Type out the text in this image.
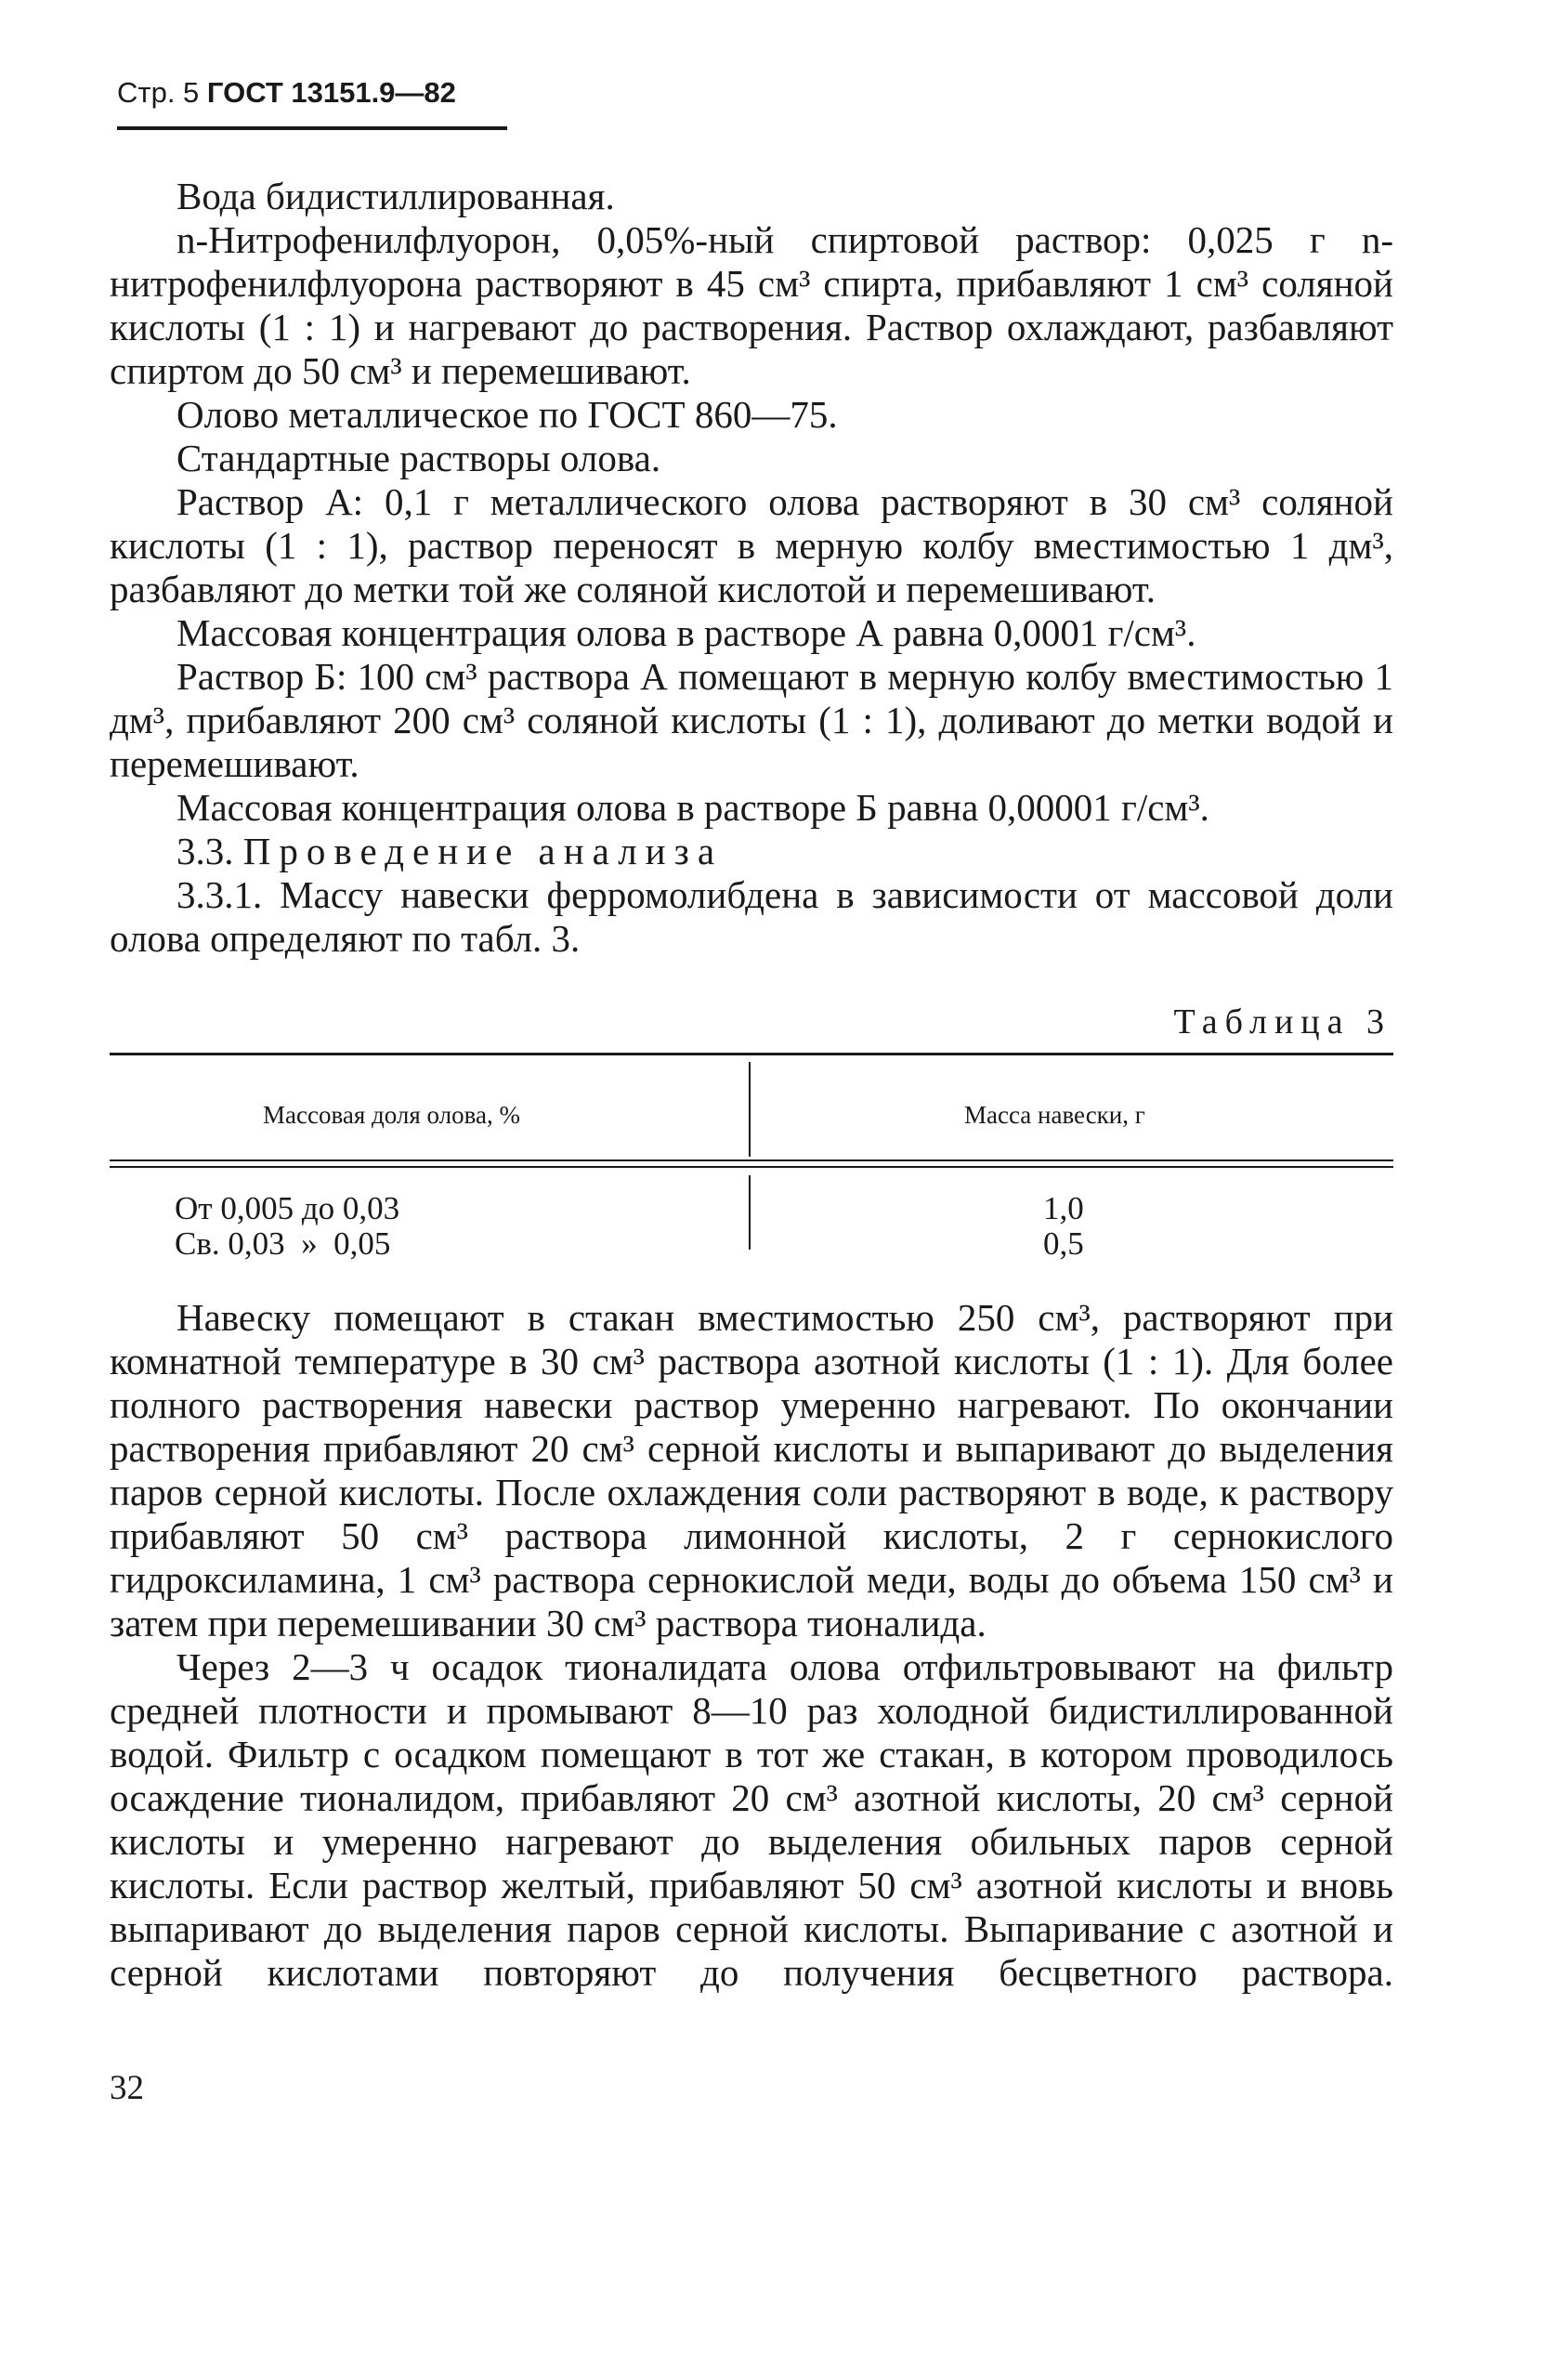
Стр. 5 ГОСТ 13151.9—82

Вода бидистиллированная.

n-Нитрофенилфлуорон, 0,05%-ный спиртовой раствор: 0,025 г n-нитрофенилфлуорона растворяют в 45 см³ спирта, прибавляют 1 см³ соляной кислоты (1 : 1) и нагревают до растворения. Раствор охлаждают, разбавляют спиртом до 50 см³ и перемешивают.

Олово металлическое по ГОСТ 860—75.

Стандартные растворы олова.

Раствор А: 0,1 г металлического олова растворяют в 30 см³ соляной кислоты (1 : 1), раствор переносят в мерную колбу вместимостью 1 дм³, разбавляют до метки той же соляной кислотой и перемешивают.

Массовая концентрация олова в растворе А равна 0,0001 г/см³.

Раствор Б: 100 см³ раствора А помещают в мерную колбу вместимостью 1 дм³, прибавляют 200 см³ соляной кислоты (1 : 1), доливают до метки водой и перемешивают.

Массовая концентрация олова в растворе Б равна 0,00001 г/см³.

3.3. Проведение анализа

3.3.1. Массу навески ферромолибдена в зависимости от массовой доли олова определяют по табл. 3.

Таблица 3
Массовая доля олова, %	Масса навески, г
От 0,005 до 0,03	1,0
Св. 0,03  »  0,05	0,5

Навеску помещают в стакан вместимостью 250 см³, растворяют при комнатной температуре в 30 см³ раствора азотной кислоты (1 : 1). Для более полного растворения навески раствор умеренно нагревают. По окончании растворения прибавляют 20 см³ серной кислоты и выпаривают до выделения паров серной кислоты. После охлаждения соли растворяют в воде, к раствору прибавляют 50 см³ раствора лимонной кислоты, 2 г сернокислого гидроксиламина, 1 см³ раствора сернокислой меди, воды до объема 150 см³ и затем при перемешивании 30 см³ раствора тионалида.

Через 2—3 ч осадок тионалидата олова отфильтровывают на фильтр средней плотности и промывают 8—10 раз холодной бидистиллированной водой. Фильтр с осадком помещают в тот же стакан, в котором проводилось осаждение тионалидом, прибавляют 20 см³ азотной кислоты, 20 см³ серной кислоты и умеренно нагревают до выделения обильных паров серной кислоты. Если раствор желтый, прибавляют 50 см³ азотной кислоты и вновь выпаривают до выделения паров серной кислоты. Выпаривание с азотной и серной кислотами повторяют до получения бесцветного раствора.

32
